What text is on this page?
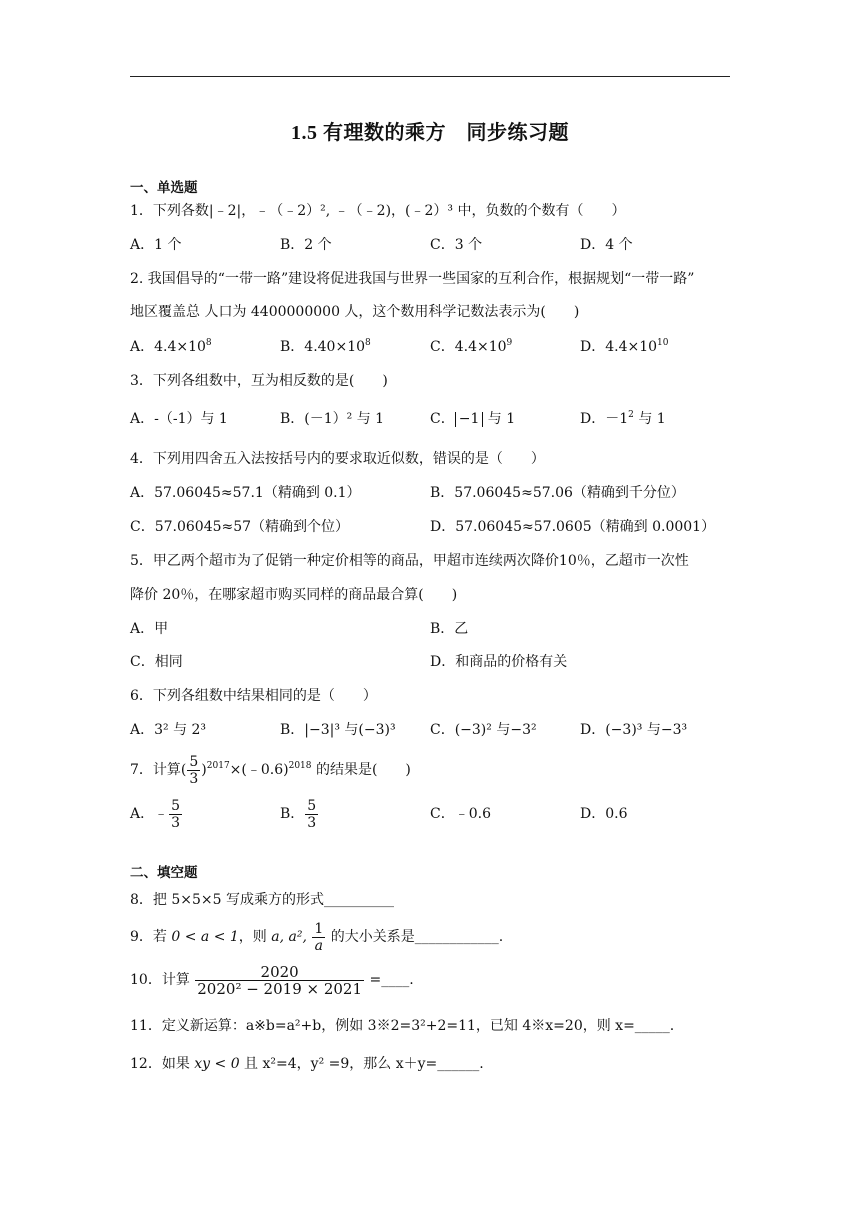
1.5 有理数的乘方　同步练习题
一、单选题
1．下列各数|﹣2|，﹣（﹣2）², ﹣（﹣2)，(﹣2）³ 中，负数的个数有（　　）
A．1 个	B．2 个	C．3 个	D．4 个
2. 我国倡导的“一带一路”建设将促进我国与世界一些国家的互利合作，根据规划“一带一路”
地区覆盖总 人口为 4400000000 人，这个数用科学记数法表示为(　　)
A．$4.4\times 10^8$	B．$4.40\times 10^8$	C．$4.4\times 10^9$	D．$4.4\times 10^{10}$
3．下列各组数中，互为相反数的是(　　)
A．-（-1）与 1	B．(－1）² 与 1	C． −1 与 1	D．$-1^2$ 与 1
4．下列用四舍五入法按括号内的要求取近似数，错误的是（　　）
A．57.06045≈57.1（精确到 0.1）	B．57.06045≈57.06（精确到千分位）
C．57.06045≈57（精确到个位）	D．57.06045≈57.0605（精确到 0.0001）
5．甲乙两个超市为了促销一种定价相等的商品，甲超市连续两次降价10％，乙超市一次性
降价 20％，在哪家超市购买同样的商品最合算(　　)
A．甲	B．乙
C．相同	D．和商品的价格有关
6．下列各组数中结果相同的是（　　）
A．3² 与 2³	B．|−3|³ 与(−3)³ C．(−3)² 与−3²	D．(−3)³ 与−3³
7．计算( $\frac{5}{3}$ )$^{2017}$×(﹣0.6)$^{2018}$ 的结果是(　　)
A．﹣ $\frac{5}{3}$	B． $\frac{5}{3}$	C．﹣0.6	D．0.6
二、填空题
8．把 5×5×5 写成乘方的形式__________
9．若 0 < a < 1，则 a, a², $\frac{1}{a}$ 的大小关系是____________.
10．计算 $\frac{2020}{\text{2020² − 2019 × 2021}}$ =____.
11．定义新运算：a※b=a²+b，例如 3※2=3²+2=11，已知 4※x=20，则 x=_____.
12．如果 xy < 0 且 x²=4，y² =9，那么 x＋y=______.
